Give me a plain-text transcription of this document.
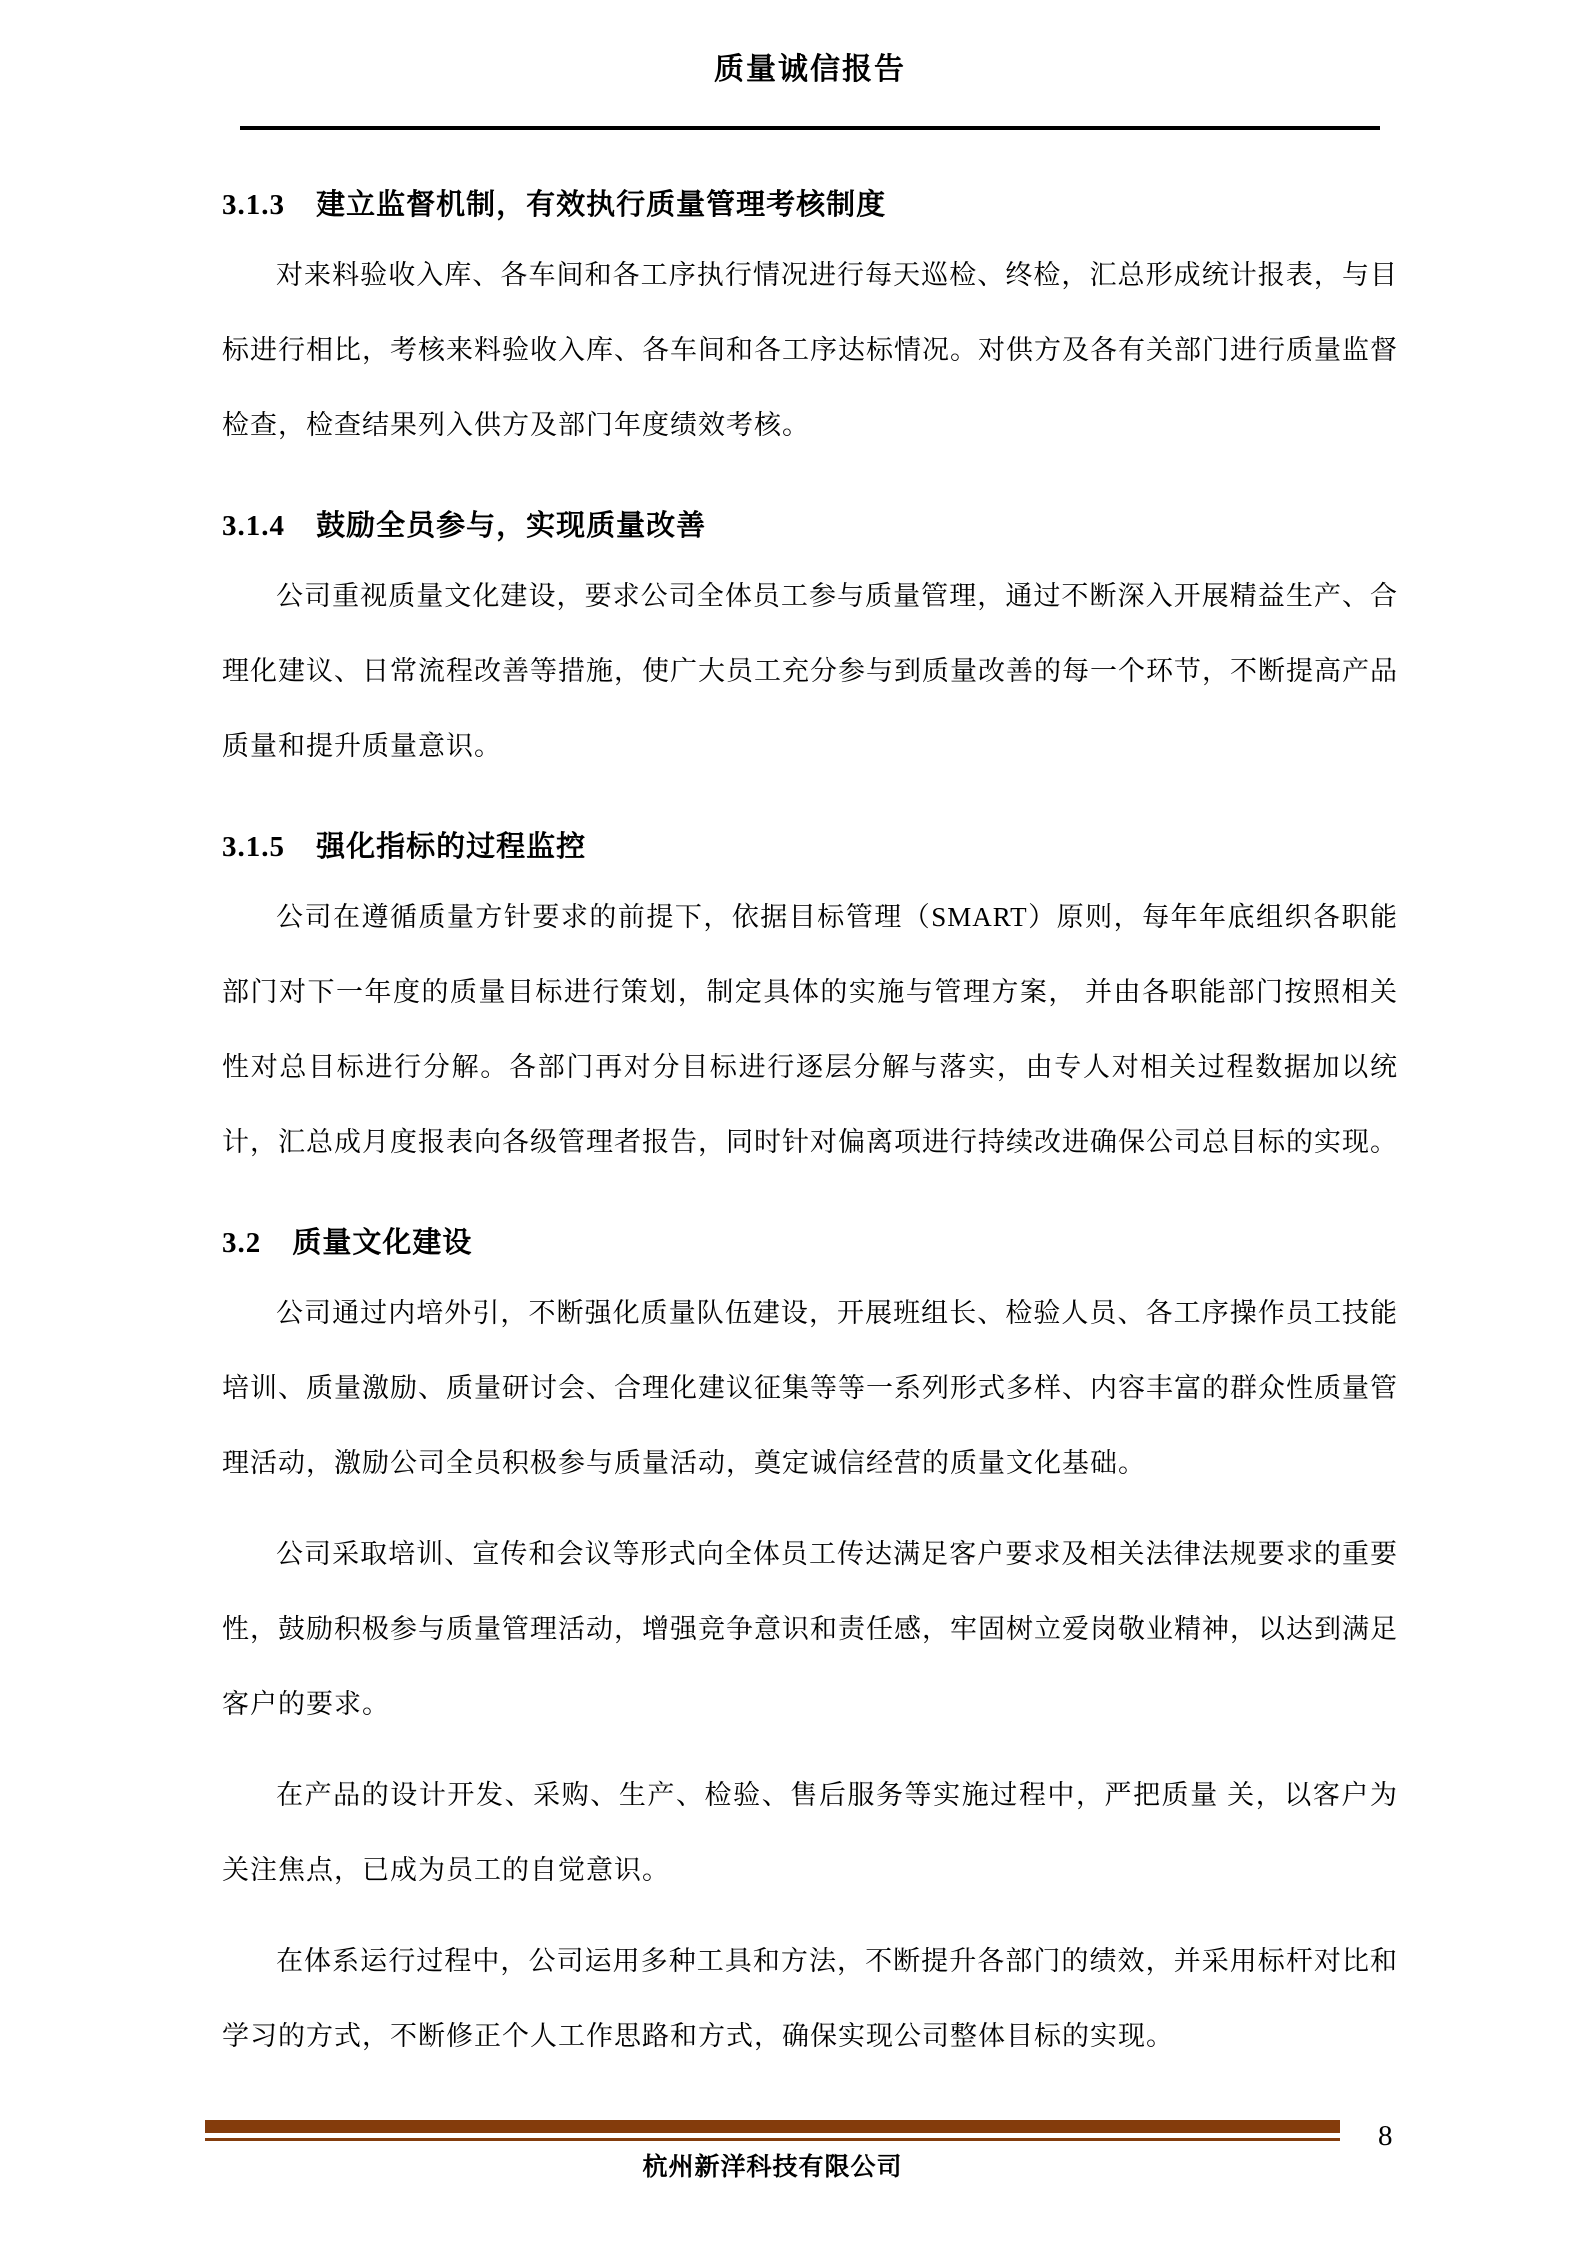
质量诚信报告
3.1.3 建立监督机制，有效执行质量管理考核制度

对来料验收入库、各车间和各工序执行情况进行每天巡检、终检，汇总形成统计报表，与目标进行相比，考核来料验收入库、各车间和各工序达标情况。对供方及各有关部门进行质量监督检查，检查结果列入供方及部门年度绩效考核。

3.1.4 鼓励全员参与，实现质量改善

公司重视质量文化建设，要求公司全体员工参与质量管理，通过不断深入开展精益生产、合理化建议、日常流程改善等措施，使广大员工充分参与到质量改善的每一个环节，不断提高产品质量和提升质量意识。

3.1.5 强化指标的过程监控

公司在遵循质量方针要求的前提下，依据目标管理（SMART）原则，每年年底组织各职能部门对下一年度的质量目标进行策划，制定具体的实施与管理方案， 并由各职能部门按照相关性对总目标进行分解。各部门再对分目标进行逐层分解与落实，由专人对相关过程数据加以统计，汇总成月度报表向各级管理者报告，同时针对偏离项进行持续改进确保公司总目标的实现。

3.2 质量文化建设

公司通过内培外引，不断强化质量队伍建设，开展班组长、检验人员、各工序操作员工技能培训、质量激励、质量研讨会、合理化建议征集等等一系列形式多样、内容丰富的群众性质量管理活动，激励公司全员积极参与质量活动，奠定诚信经营的质量文化基础。

公司采取培训、宣传和会议等形式向全体员工传达满足客户要求及相关法律法规要求的重要性，鼓励积极参与质量管理活动，增强竞争意识和责任感，牢固树立爱岗敬业精神，以达到满足客户的要求。

在产品的设计开发、采购、生产、检验、售后服务等实施过程中，严把质量 关，以客户为关注焦点，已成为员工的自觉意识。

在体系运行过程中，公司运用多种工具和方法，不断提升各部门的绩效，并采用标杆对比和学习的方式，不断修正个人工作思路和方式，确保实现公司整体目标的实现。

杭州新洋科技有限公司
8
